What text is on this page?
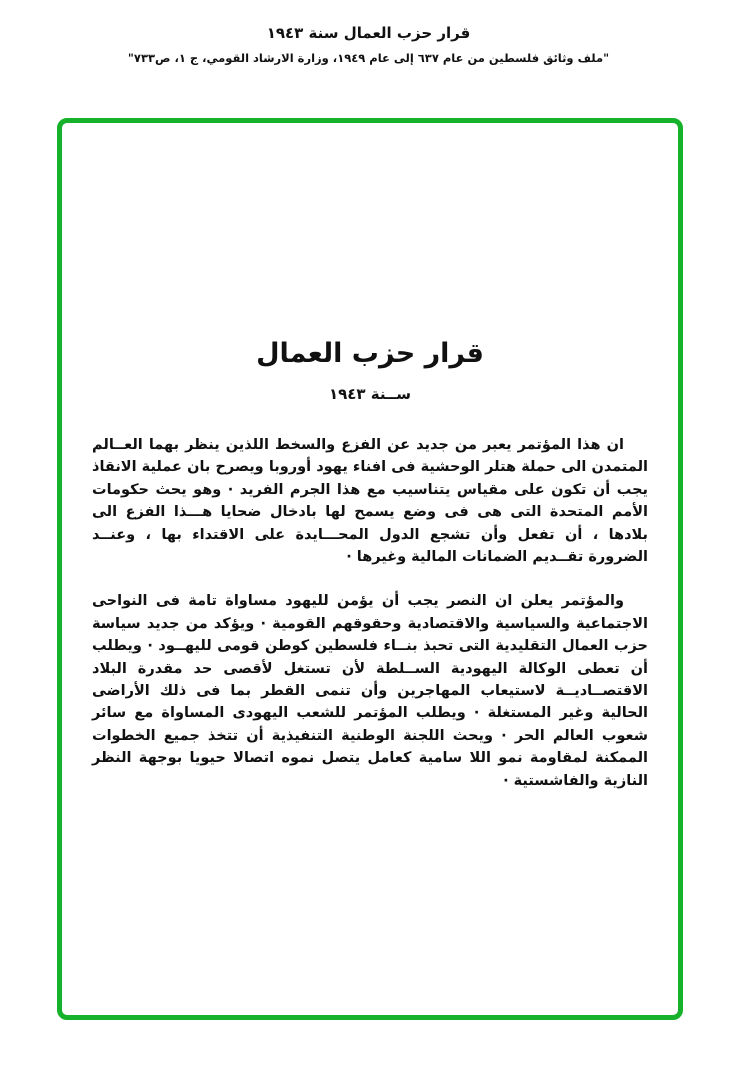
قرار حزب العمال سنة ١٩٤٣
"ملف وثائق فلسطين من عام ٦٣٧ إلى عام ١٩٤٩، وزارة الارشاد القومي، ج ١، ص٧٣٣"
قرار حزب العمال
ســنة ١٩٤٣

ان هذا المؤتمر يعبر من جديد عن الفزع والسخط اللذين ينظر بهما العــالم المتمدن الى حملة هتلر الوحشية فى افناء يهود أوروبا ويصرح بان عملية الانقاذ يجب أن تكون على مقياس يتناسيب مع هذا الجرم الفريد · وهو يحث حكومات الأمم المتحدة التى هى فى وضع يسمح لها بادخال ضحايا هـــذا الفزع الى بلادها ، أن تفعل وأن تشجع الدول المحـــايدة على الاقتداء بها ، وعنــد الضرورة تقــديم الضمانات المالية وغيرها ·

والمؤتمر يعلن ان النصر يجب أن يؤمن لليهود مساواة تامة فى النواحى الاجتماعية والسياسية والاقتصادية وحقوقهم القومية · ويؤكد من جديد سياسة حزب العمال التقليدية التى تحبذ بنــاء فلسطين كوطن قومى لليهــود · ويطلب أن تعطى الوكالة اليهودية الســلطة لأن تستغل لأقصى حد مقدرة البلاد الاقتصــاديــة لاستيعاب المهاجرين وأن تنمى القطر بما فى ذلك الأراضى الحالية وغير المستغلة · ويطلب المؤتمر للشعب اليهودى المساواة مع سائر شعوب العالم الحر · ويحث اللجنة الوطنية التنفيذية أن تتخذ جميع الخطوات الممكنة لمقاومة نمو اللا سامية كعامل يتصل نموه اتصالا حيويا بوجهة النظر النازية والفاشستية ·
